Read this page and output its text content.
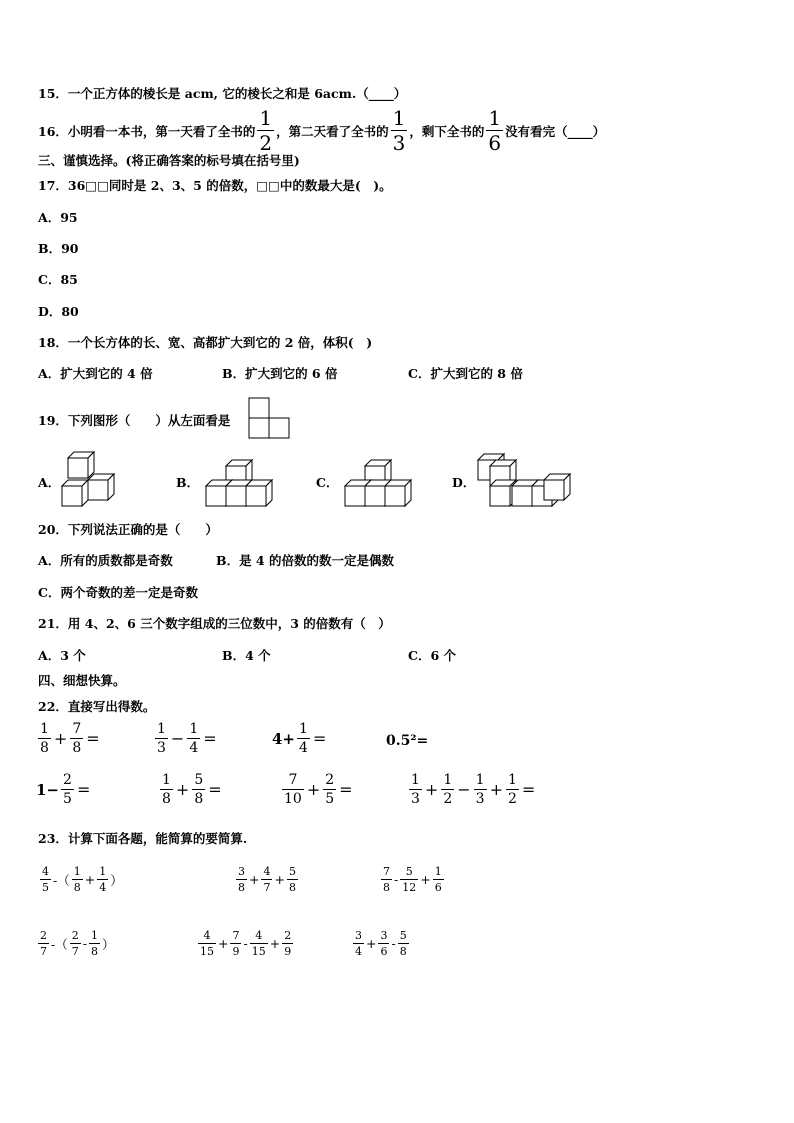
15．一个正方体的棱长是 acm, 它的棱长之和是 6acm.（____）
16．小明看一本书，第一天看了全书的 $\frac{1}{2}$ ，第二天看了全书的 $\frac{1}{3}$ ，剩下全书的 $\frac{1}{6}$ 没有看完（____）
三、谨慎选择。(将正确答案的标号填在括号里)
17．36□□同时是 2、3、5 的倍数，□□中的数最大是(　)。
A．95
B．90
C．85
D．80
18．一个长方体的长、宽、高都扩大到它的 2 倍，体积(　)
A．扩大到它的 4 倍	B．扩大到它的 6 倍	C．扩大到它的 8 倍
19．下列图形（　　）从左面看是
A．	B．	C．	D．
20．下列说法正确的是（　　）
A．所有的质数都是奇数	B．是 4 的倍数的数一定是偶数
C．两个奇数的差一定是奇数
21．用 4、2、6 三个数字组成的三位数中，3 的倍数有（　）
A．3 个	B．4 个	C．6 个
四、细想快算。
22．直接写出得数。
$\frac{1}{8} + \frac{7}{8}$ =	$\frac{1}{3} - \frac{1}{4}$ =	$4+ \frac{1}{4}$ =	0.5²=
$1- \frac{2}{5}$ =	$\frac{1}{8} + \frac{5}{8}$ =	$\frac{7}{10} + \frac{2}{5}$ =	$\frac{1}{3} + \frac{1}{2} - \frac{1}{3} + \frac{1}{2}$ =
23．计算下面各题，能简算的要简算.
$\frac{4}{5}$ -（ $\frac{1}{8} + \frac{1}{4}$ ）	$\frac{3}{8} + \frac{4}{7} + \frac{5}{8}$	$\frac{7}{8} - \frac{5}{12} + \frac{1}{6}$
$\frac{2}{7}$ -（ $\frac{2}{7} - \frac{1}{8}$ ）	$\frac{4}{15} + \frac{7}{9} - \frac{4}{15} + \frac{2}{9}$	$\frac{3}{4} + \frac{3}{6} - \frac{5}{8}$
